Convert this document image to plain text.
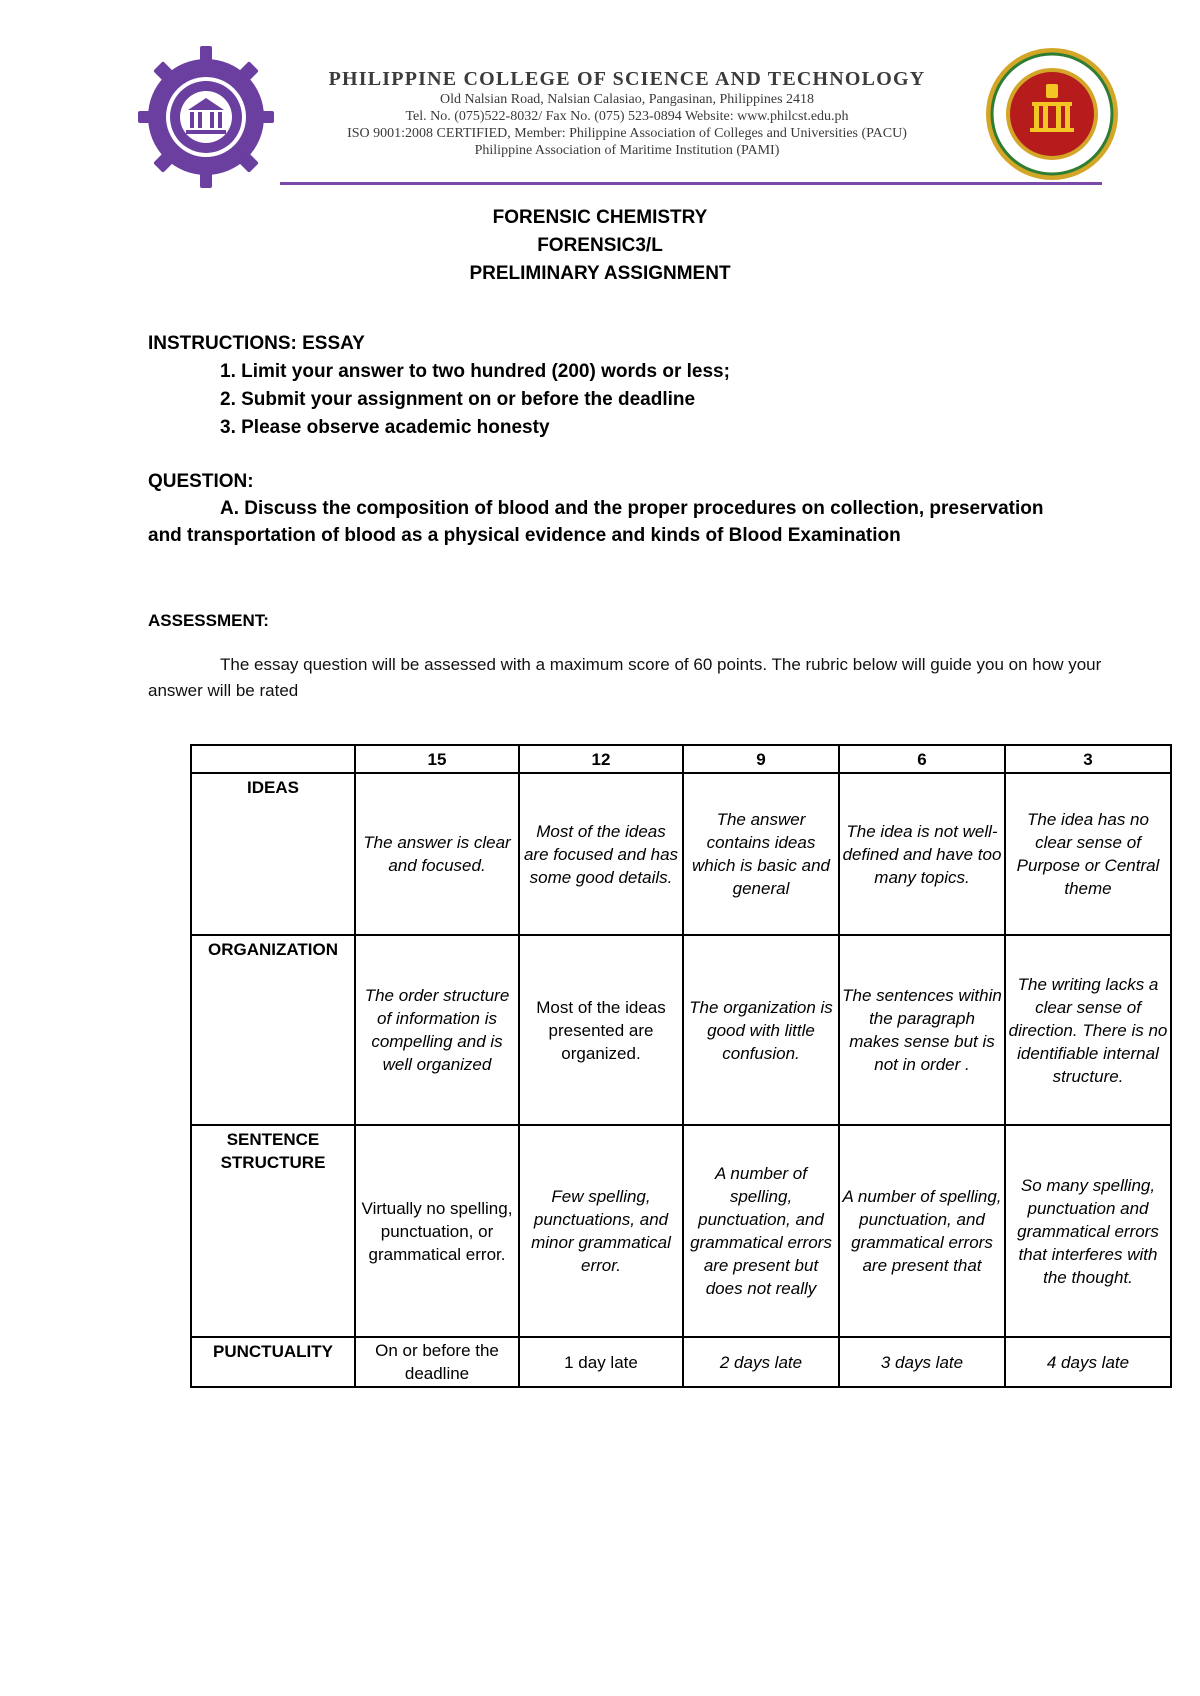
PHILIPPINE COLLEGE OF SCIENCE AND TECHNOLOGY
Old Nalsian Road, Nalsian Calasiao, Pangasinan, Philippines 2418
Tel. No. (075)522-8032/ Fax No. (075) 523-0894 Website: www.philcst.edu.ph
ISO 9001:2008 CERTIFIED, Member: Philippine Association of Colleges and Universities (PACU)
Philippine Association of Maritime Institution (PAMI)
FORENSIC CHEMISTRY
FORENSIC3/L
PRELIMINARY ASSIGNMENT
INSTRUCTIONS: ESSAY
1. Limit your answer to two hundred (200) words or less;
2. Submit your assignment on or before the deadline
3. Please observe academic honesty
QUESTION:
A. Discuss the composition of blood and the proper procedures on collection, preservation and transportation of blood as a physical evidence and kinds of Blood Examination
ASSESSMENT:
The essay question will be assessed with a maximum score of 60 points. The rubric below will guide you on how your answer will be rated
	15	12	9	6	3
IDEAS	The answer is clear and focused.	Most of the ideas are focused and has some good details.	The answer contains ideas which is basic and general	The idea is not well- defined and have too many topics.	The idea has no clear sense of Purpose or Central theme
ORGANIZATION	The order structure of information is compelling and is well organized	Most of the ideas presented are organized.	The organization is good with little confusion.	The sentences within the paragraph makes sense but is not in order .	The writing lacks a clear sense of direction. There is no identifiable internal structure.
SENTENCE STRUCTURE	Virtually no spelling, punctuation, or grammatical error.	Few spelling, punctuations, and minor grammatical error.	A number of spelling, punctuation, and grammatical errors are present but does not really	A number of spelling, punctuation, and grammatical errors are present that	So many spelling, punctuation and grammatical errors that interferes with the thought.
PUNCTUALITY	On or before the deadline	1 day late	2 days late	3 days late	4 days late
